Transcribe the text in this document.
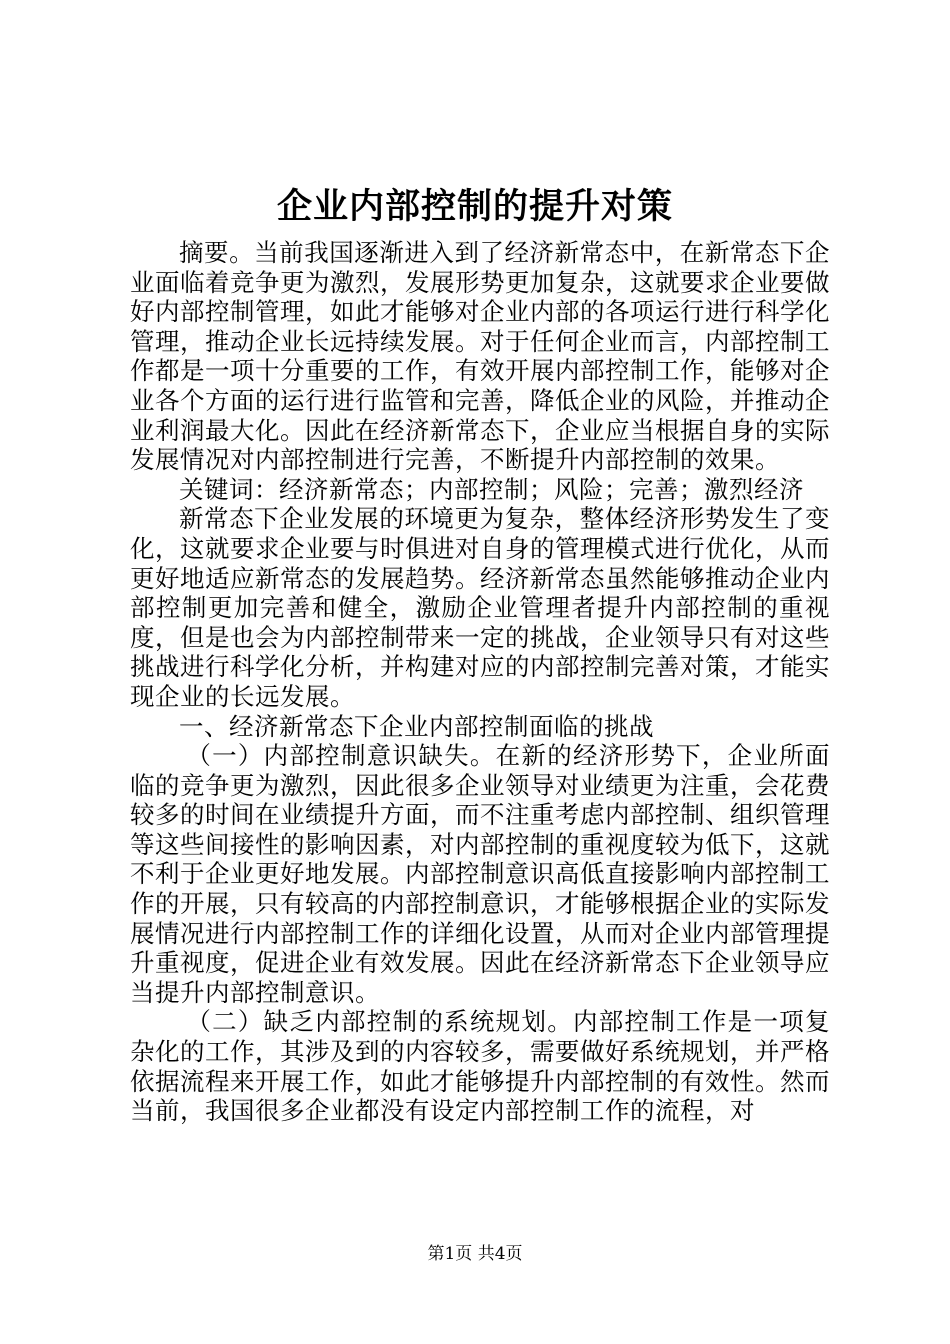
企业内部控制的提升对策

摘要。当前我国逐渐进入到了经济新常态中，在新常态下企业面临着竞争更为激烈，发展形势更加复杂，这就要求企业要做好内部控制管理，如此才能够对企业内部的各项运行进行科学化管理，推动企业长远持续发展。对于任何企业而言，内部控制工作都是一项十分重要的工作，有效开展内部控制工作，能够对企业各个方面的运行进行监管和完善，降低企业的风险，并推动企业利润最大化。因此在经济新常态下，企业应当根据自身的实际发展情况对内部控制进行完善，不断提升内部控制的效果。

关键词：经济新常态；内部控制；风险；完善；激烈经济

新常态下企业发展的环境更为复杂，整体经济形势发生了变化，这就要求企业要与时俱进对自身的管理模式进行优化，从而更好地适应新常态的发展趋势。经济新常态虽然能够推动企业内部控制更加完善和健全，激励企业管理者提升内部控制的重视度，但是也会为内部控制带来一定的挑战，企业领导只有对这些挑战进行科学化分析，并构建对应的内部控制完善对策，才能实现企业的长远发展。

一、经济新常态下企业内部控制面临的挑战

（一）内部控制意识缺失。在新的经济形势下，企业所面临的竞争更为激烈，因此很多企业领导对业绩更为注重，会花费较多的时间在业绩提升方面，而不注重考虑内部控制、组织管理等这些间接性的影响因素，对内部控制的重视度较为低下，这就不利于企业更好地发展。内部控制意识高低直接影响内部控制工作的开展，只有较高的内部控制意识，才能够根据企业的实际发展情况进行内部控制工作的详细化设置，从而对企业内部管理提升重视度，促进企业有效发展。因此在经济新常态下企业领导应当提升内部控制意识。

（二）缺乏内部控制的系统规划。内部控制工作是一项复杂化的工作，其涉及到的内容较多，需要做好系统规划，并严格依据流程来开展工作，如此才能够提升内部控制的有效性。然而当前，我国很多企业都没有设定内部控制工作的流程，对

第1页 共4页
